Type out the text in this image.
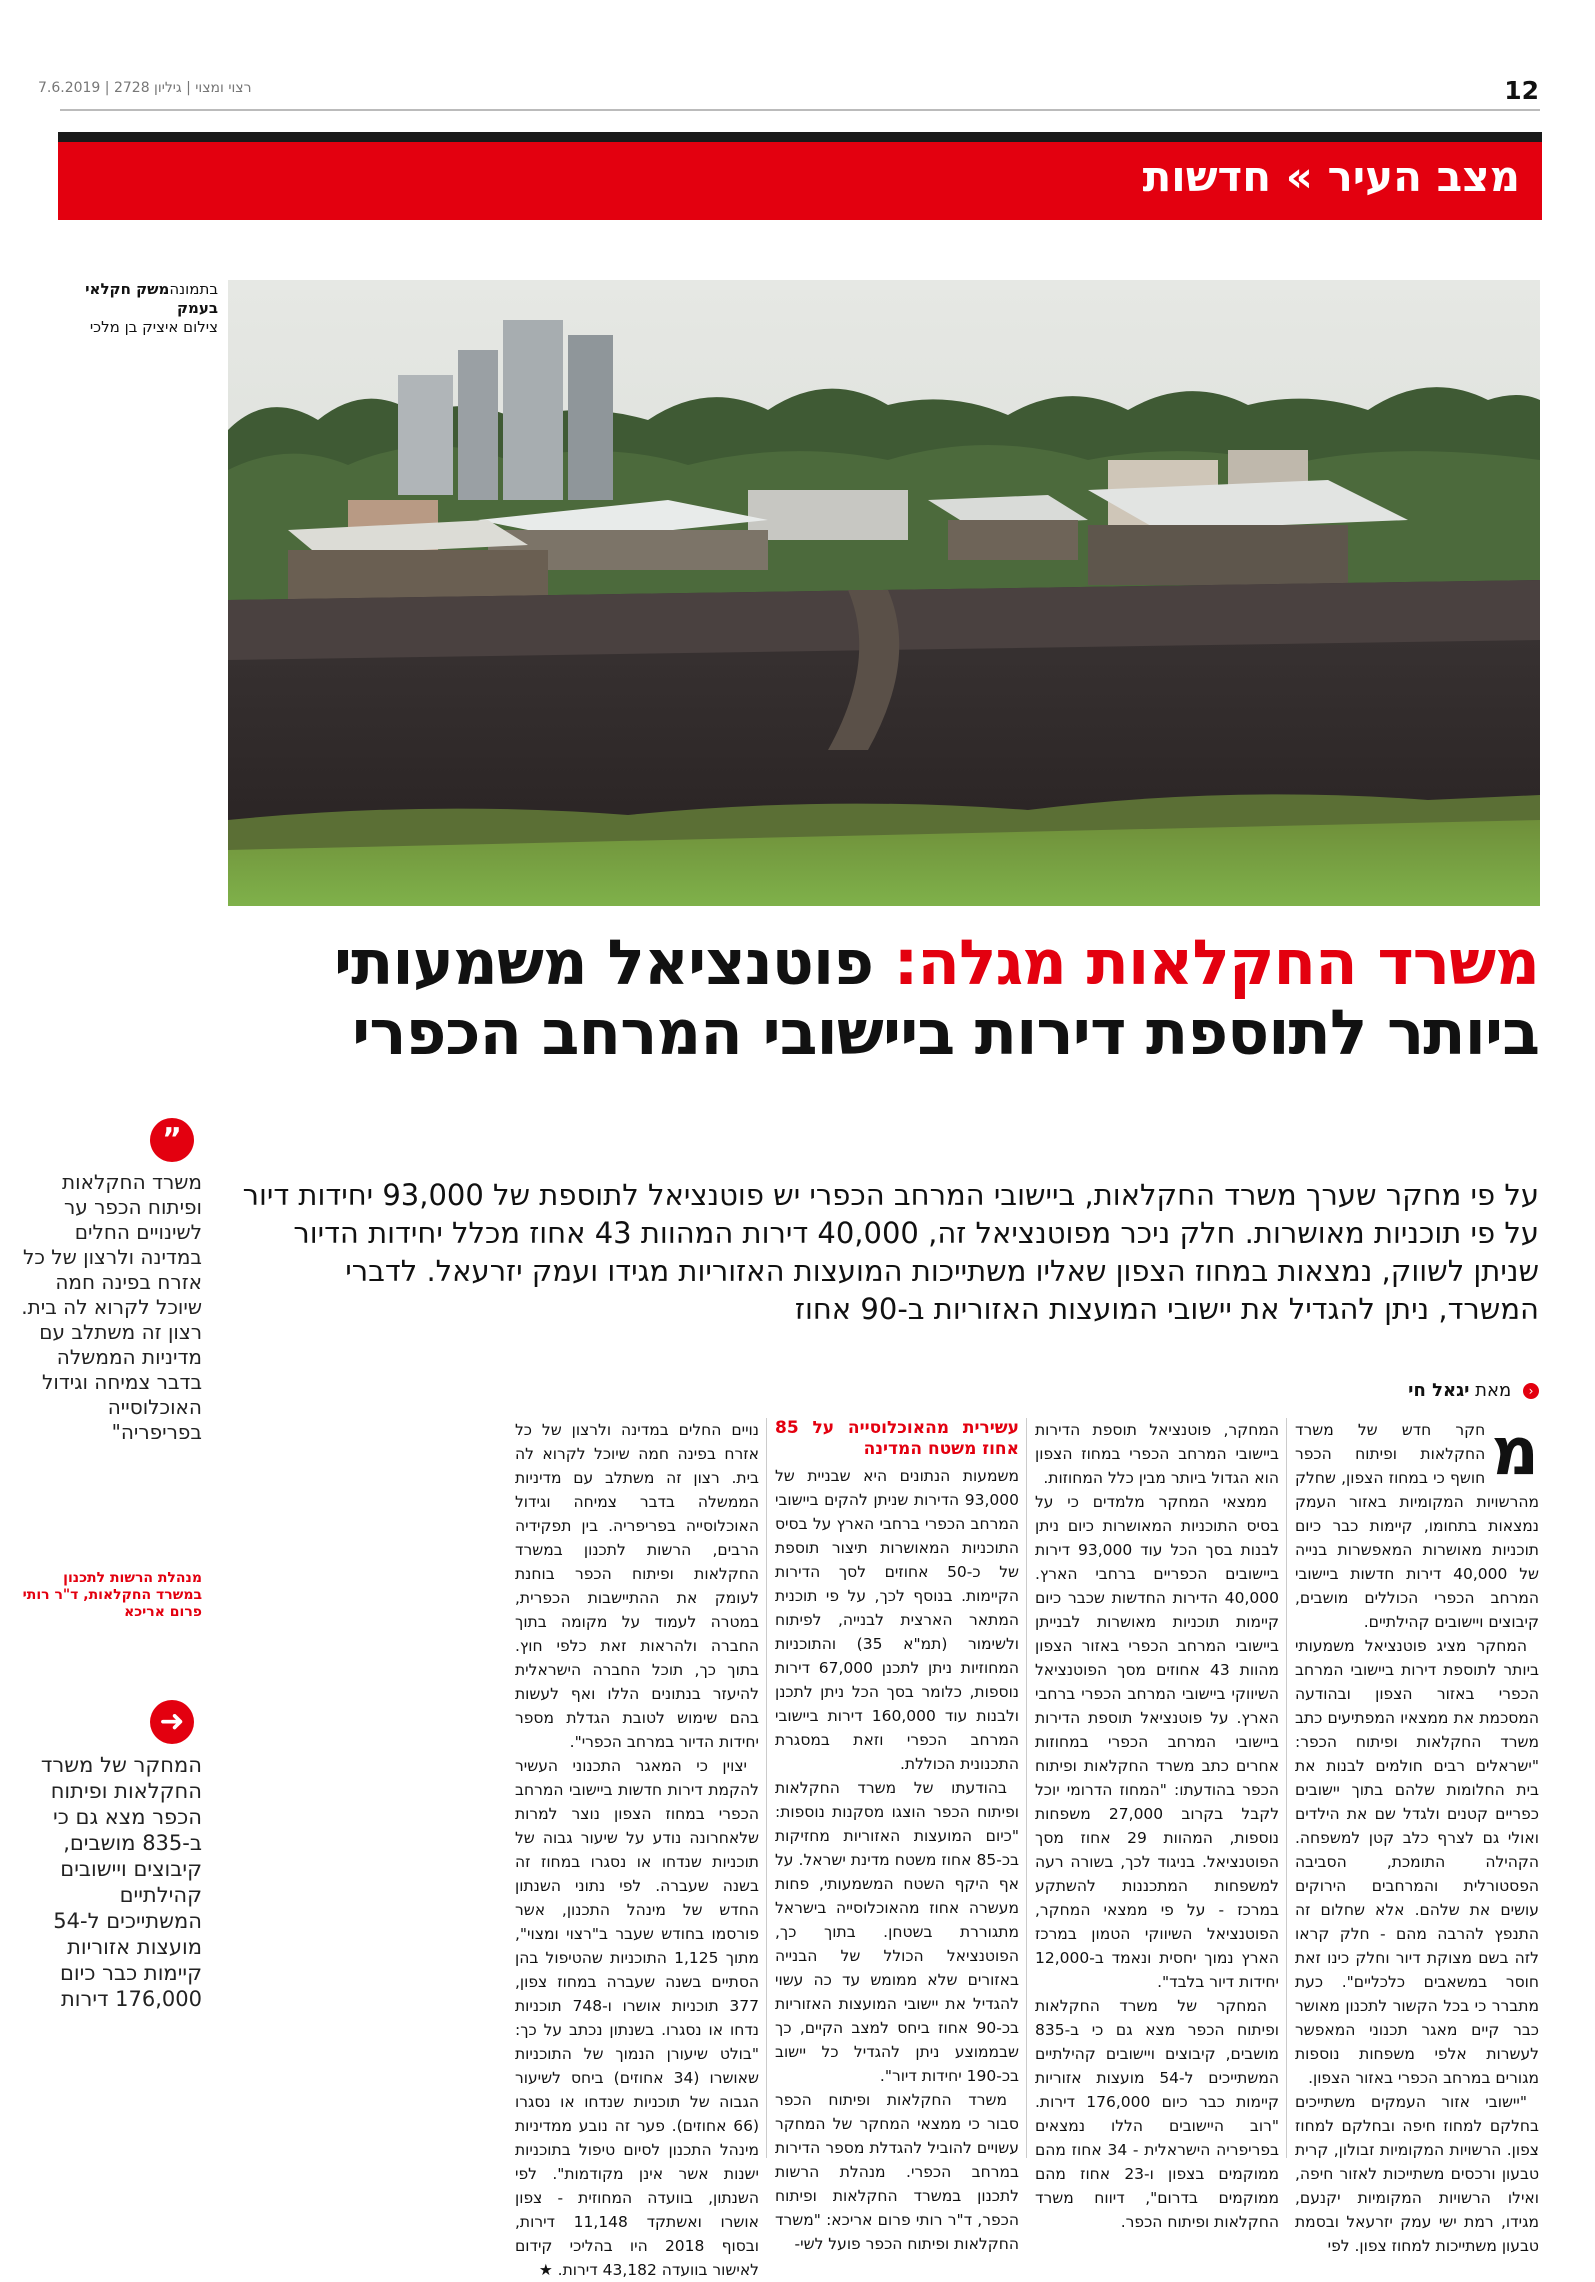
12
רצוי ומצוי | גיליון 2728 | 7.6.2019
מצב העיר » חדשות
בתמונהמשק חקלאי
בעמק
צילום איציק בן מלכי
משרד החקלאות מגלה: פוטנציאל משמעותי ביותר לתוספת דירות ביישובי המרחב הכפרי
על פי מחקר שערך משרד החקלאות, ביישובי המרחב הכפרי יש פוטנציאל לתוספת של 93,000 יחידות דיור על פי תוכניות מאושרות. חלק ניכר מפוטנציאל זה, 40,000 דירות המהוות 43 אחוז מכלל יחידות הדיור שניתן לשווק, נמצאות במחוז הצפון שאליו משתייכות המועצות האזוריות מגידו ועמק יזרעאל. לדברי המשרד, ניתן להגדיל את יישובי המועצות האזוריות ב-90 אחוז
‹ מאת יגאל חי
מ

חקר חדש של משרד החקלאות ופיתוח הכפר חושף כי במחוז הצפון, שחלק מהרשויות המקומיות באזור העמק נמצאות בתחומו, קיימות כבר כיום תוכניות מאושרות המאפשרות בנייה של 40,000 דירות חדשות ביישובי המרחב הכפרי הכוללים מושבים, קיבוצים ויישובים קהילתיים.

המחקר מציג פוטנציאל משמעותי ביותר לתוספת דירות ביישובי המרחב הכפרי באזור הצפון ובהודעה המסכמת את ממצאיו המפתיעים כתב משרד החקלאות ופיתוח הכפר: "ישראלים רבים חולמים לבנות את בית החלומות שלהם בתוך יישובים כפריים קטנים ולגדל שם את הילדים ואולי גם לצרף כלב קטן למשפחה. הקהילה התומכת, הסביבה הפסטורלית והמרחבים הירוקים עושים את שלהם. אלא שחלום זה התנפץ להרבה מהם - חלק קראו לזה בשם מצוקת דיור וחלק כינו זאת חוסר במשאבים כלכליים". כעת מתברר כי בכל הקשור לתכנון מאושר כבר קיים מאגר תכנוני המאפשר לעשרות אלפי משפחות נוספות מגורים במרחב הכפרי באזור הצפון.

"יישובי אזור העמקים משתייכים בחלקם למחוז חיפה ובחלקם למחוז צפון. הרשויות המקומיות זבולון, קרית טבעון ורכסים משתייכות לאזור חיפה, ואילו הרשויות המקומיות יקנעם, מגידו, רמת ישי עמק יזרעאל ובסמת טבעון משתייכות למחוז צפון. לפי

המחקר, פוטנציאל תוספת הדירות ביישובי המרחב הכפרי במחוז הצפון הוא הגדול ביותר מבין כלל המחוזות.

ממצאי המחקר מלמדים כי על בסיס התוכניות המאושרות כיום ניתן לבנות בסך הכל עוד 93,000 דירות ביישובים הכפריים ברחבי הארץ. 40,000 הדירות החדשות שכבר כיום קיימות תוכניות מאושרות לבנייתן ביישובי המרחב הכפרי באזור הצפון מהוות 43 אחוזים מסך הפוטנציאל השיווקי ביישובי המרחב הכפרי ברחבי הארץ. על פוטנציאל תוספת הדירות ביישובי המרחב הכפרי במחוזות אחרים כתב משרד החקלאות ופיתוח הכפר בהודעתו: "המחוז הדרומי יוכל לקבל בקרוב 27,000 משפחות נוספות, המהוות 29 אחוז מסך הפוטנציאל. בניגוד לכך, בשורה רעה למשפחות המתכננות להשתקע במרכז - על פי ממצאי המחקר, הפוטנציאל השיווקי הטמון במרכז הארץ נמוך יחסית ונאמד ב-12,000 יחידות דיור בלבד".

המחקר של משרד החקלאות ופיתוח הכפר מצא גם כי ב-835 מושבים, קיבוצים ויישובים קהילתיים המשתייכים ל-54 מועצות אזוריות קיימות כבר כיום 176,000 דירות. "רוב היישובים הללו נמצאים בפריפריה הישראלית - 34 אחוז מהם ממוקמים בצפון ו-23 אחוז מהם ממוקמים בדרום", דיווח משרד החקלאות ופיתוח הכפר.

עשירית מהאוכלוסייה על 85 אחוז משטח המדינה

משמעות הנתונים היא שבניית של 93,000 הדירות שניתן להקים ביישובי המרחב הכפרי ברחבי הארץ על בסיס התוכניות המאושרות תיצור תוספת של כ-50 אחוזים לסך הדירות הקיימות. בנוסף לכך, על פי תוכנית המתאר הארצית לבנייה, לפיתוח ולשימור (תמ"א 35) והתוכניות המחוזיות ניתן לתכנן 67,000 דירות נוספות, כלומר בסך הכל ניתן לתכנן ולבנות עוד 160,000 דירות ביישובי המרחב הכפרי וזאת במסגרת התכנונית הכוללת.

בהודעתו של משרד החקלאות ופיתוח הכפר הוצגו מסקנות נוספות: "כיום המועצות האזוריות מחזיקות בכ-85 אחוז משטח מדינת ישראל. על אף היקף השטח המשמעותי, פחות מעשרה אחוז מהאוכלוסייה בישראל מתגוררת בשטחן. בתוך כך, הפוטנציאל הכולל של הבנייה באזורים שלא ממומש עד כה עשוי להגדיל את יישובי המועצות האזוריות בכ-90 אחוז ביחס למצב הקיים, כך שבממוצע ניתן להגדיל כל יישוב בכ-190 יחידות דיור".

משרד החקלאות ופיתוח הכפר סבור כי ממצאי המחקר של המחקר עשויים להוביל להגדלת מספר הדירות במרחב הכפרי. מנהלת הרשות לתכנון במשרד החקלאות ופיתוח הכפר, ד"ר רותי פרום אריכא: "משרד החקלאות ופיתוח הכפר פועל לשי-

נויים החלים במדינה ולרצון של כל אזרח בפינה חמה שיוכל לקרוא לה בית. רצון זה משתלב עם מדיניות הממשלה בדבר צמיחה וגידול האוכלוסייה בפריפריה. בין תפקידיה הרבים, הרשות לתכנון במשרד החקלאות ופיתוח הכפר בוחנת לעומק את ההתיישבות הכפרית, במטרה לעמוד על מקומה בתוך החברה ולהראות זאת כלפי חוץ. בתוך כך, תוכל החברה הישראלית להיעזר בנתונים הללו ואף לעשות בהם שימוש לטובת הגדלת מספר יחידות הדיור במרחב הכפרי".

יצוין כי המאגר התכנוני העשיר להקמת דירות חדשות ביישובי המרחב הכפרי במחוז הצפון נוצר למרות שלאחרונה נודע על שיעור גבוה של תוכניות שנדחו או נסגרו במחוז זה בשנה שעברה. לפי נתוני השנתון החדש של מינהל התכנון, אשר פורסמו בחודש שעבר ב"רצוי ומצוי", מתוך 1,125 התוכניות שהטיפול בהן הסתיים בשנה שעברה במחוז צפון, 377 תוכניות אושרו ו-748 תוכניות נדחו או נסגרו. בשנתון נכתב על כך: "בולט שיעורן הנמוך של התוכניות שאושרו (34 אחוזים) ביחס לשיעור הגבוה של תוכניות שנדחו או נסגרו (66 אחוזים). פער זה נובע ממדיניות מינהל התכנון לסיום טיפול בתוכניות ישנות אשר אינן מקודמות". לפי השנתון, בוועדה המחוזית - צפון אושרו ואשתקד 11,148 דירות, ובסוף 2018 היו בהליכי קידום לאישור בוועדה 43,182 דירות. ★

”
משרד החקלאות ופיתוח הכפר ער לשינויים החלים במדינה ולרצון של כל אזרח בפינה חמה שיוכל לקרוא לה בית. רצון זה משתלב עם מדיניות הממשלה בדבר צמיחה וגידול האוכלוסייה בפריפריה"
מנהלת הרשות לתכנון במשרד החקלאות, ד"ר רותי פרום אריכא
➜
המחקר של משרד החקלאות ופיתוח הכפר מצא גם כי ב-835 מושבים, קיבוצים ויישובים קהילתיים המשתייכים ל-54 מועצות אזוריות קיימות כבר כיום 176,000 דירות
